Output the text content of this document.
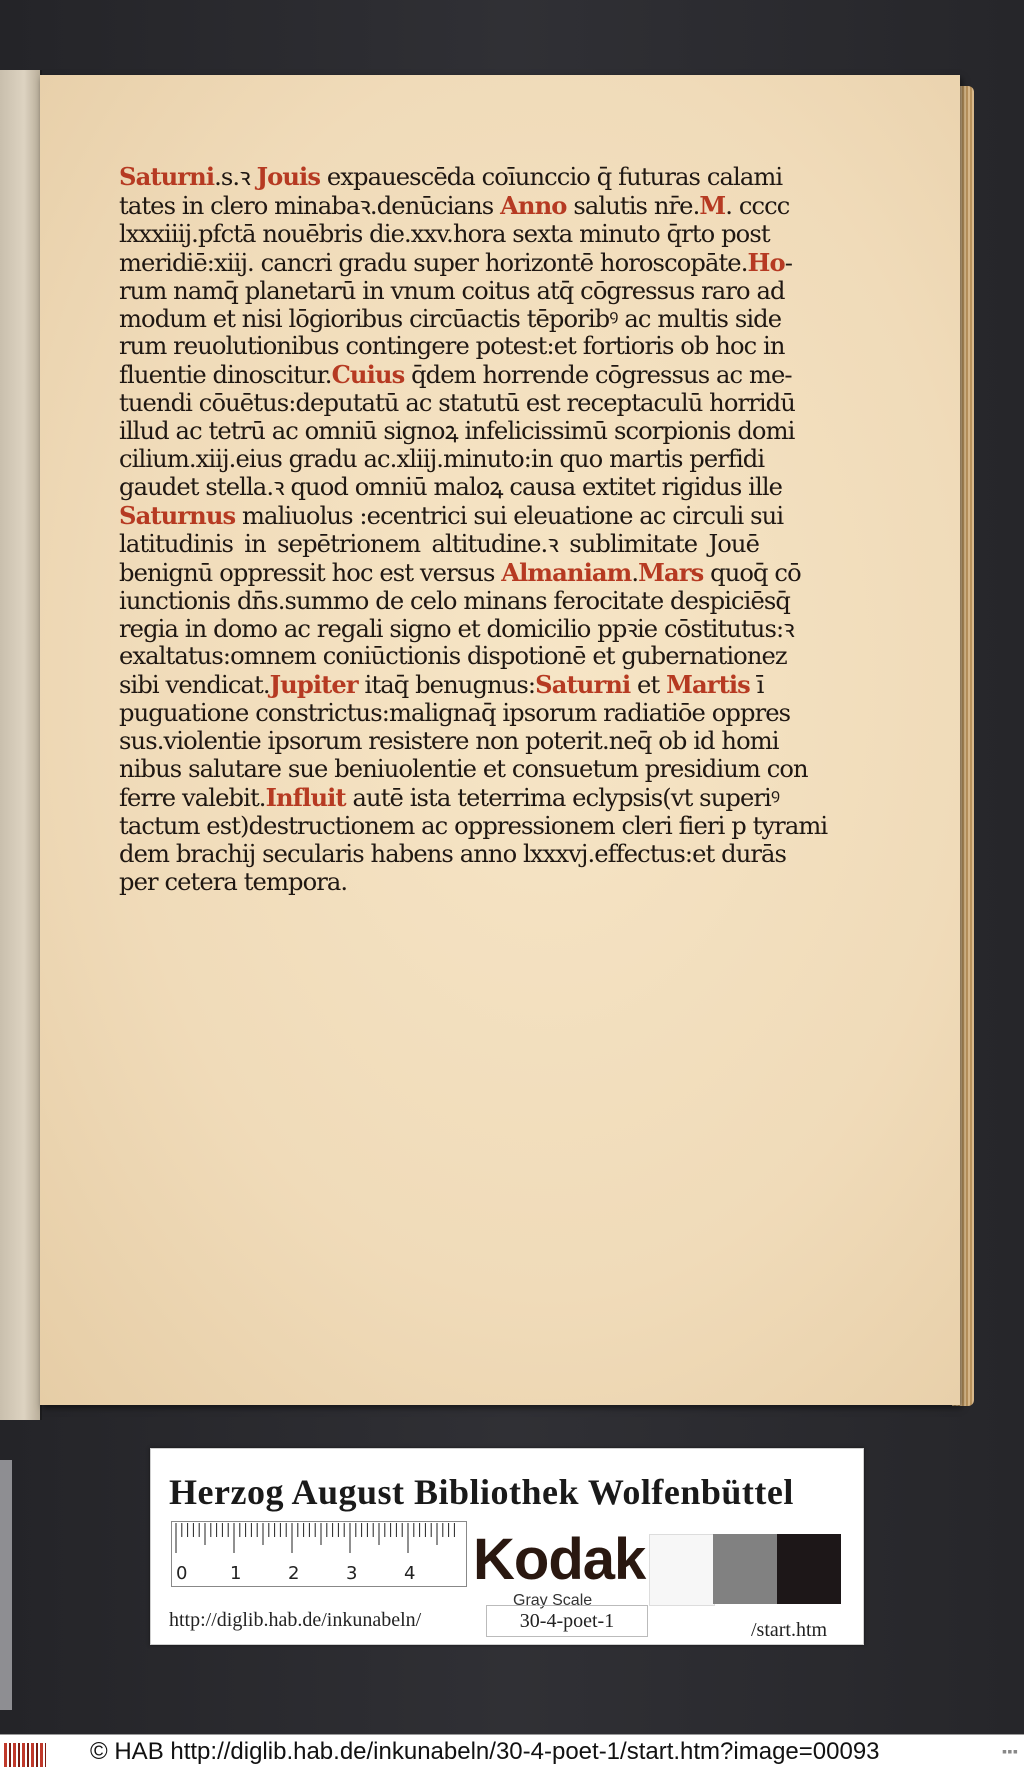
Saturni.s.ꝛ Jouis expauescēda coīunccio q̄ futuras calami
tates in clero minabaꝛ.denūcians Anno salutis nr̄e.M. cccc
lxxxiiij.pfctā nouēbris die.xxv.hora sexta minuto q̄rto post
meridiē:xiij. cancri gradu super horizontē horoscopāte.Ho-
rum namq̄ planetarū in vnum coitus atq̄ cōgressus raro ad
modum et nisi lōgioribus circūactis tēporibꝰ ac multis side
rum reuolutionibus contingere potest:et fortioris ob hoc in
fluentie dinoscitur.Cuius q̄dem horrende cōgressus ac me-
tuendi cōuētus:deputatū ac statutū est receptaculū horridū
illud ac tetrū ac omniū signoꝝ infelicissimū scorpionis domi
cilium.xiij.eius gradu ac.xliij.minuto:in quo martis perfidi
gaudet stella.ꝛ quod omniū maloꝝ causa extitet rigidus ille
Saturnus maliuolus :ecentrici sui eleuatione ac circuli sui
latitudinis in sepētrionem altitudine.ꝛ sublimitate Jouē
benignū oppressit hoc est versus Almaniam.Mars quoq̄ cō
iunctionis dn̄s.summo de celo minans ferocitate despiciēsq̄
regia in domo ac regali signo et domicilio ppꝛie cōstitutus:ꝛ
exaltatus:omnem coniūctionis dispotionē et gubernationez
sibi vendicat.Jupiter itaq̄ benugnus:Saturni et Martis ī
puguatione constrictus:malignaq̄ ipsorum radiatiōe oppres
sus.violentie ipsorum resistere non poterit.neq̄ ob id homi
nibus salutare sue beniuolentie et consuetum presidium con
ferre valebit.Influit autē ista teterrima eclypsis(vt superiꝰ
tactum est)destructionem ac oppressionem cleri fieri p tyrami
dem brachij secularis habens anno lxxxvj.effectus:et durās
per cetera tempora.
Herzog August Bibliothek Wolfenbüttel
0 1	2	3	4 Kodak
Gray Scale
http://diglib.hab.de/inkunabeln/	30-4-poet-1	/start.htm
© HAB http://diglib.hab.de/inkunabeln/30-4-poet-1/start.htm?image=00093	▪▪▪
